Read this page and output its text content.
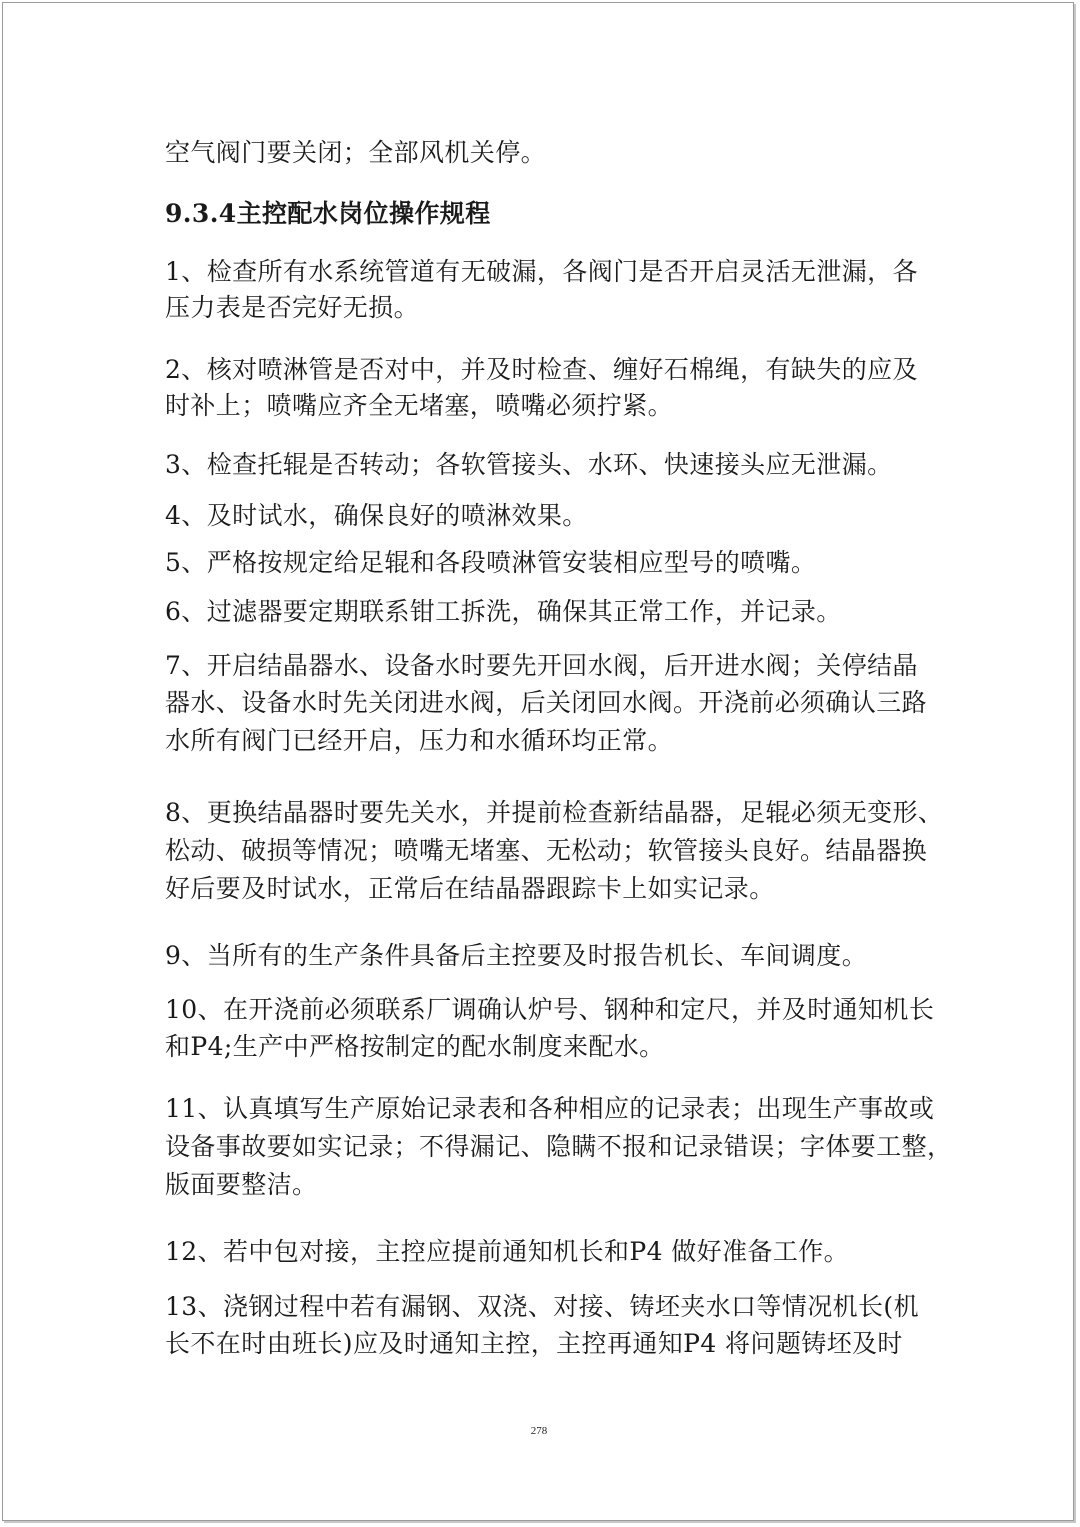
空气阀门要关闭；全部风机关停。
9.3.4主控配水岗位操作规程
1、检查所有水系统管道有无破漏，各阀门是否开启灵活无泄漏，各
压力表是否完好无损。
2、核对喷淋管是否对中，并及时检查、缠好石棉绳，有缺失的应及
时补上；喷嘴应齐全无堵塞，喷嘴必须拧紧。
3、检查托辊是否转动；各软管接头、水环、快速接头应无泄漏。
4、及时试水，确保良好的喷淋效果。
5、严格按规定给足辊和各段喷淋管安装相应型号的喷嘴。
6、过滤器要定期联系钳工拆洗，确保其正常工作，并记录。
7、开启结晶器水、设备水时要先开回水阀，后开进水阀；关停结晶
器水、设备水时先关闭进水阀，后关闭回水阀。开浇前必须确认三路
水所有阀门已经开启，压力和水循环均正常。
8、更换结晶器时要先关水，并提前检查新结晶器，足辊必须无变形、
松动、破损等情况；喷嘴无堵塞、无松动；软管接头良好。结晶器换
好后要及时试水，正常后在结晶器跟踪卡上如实记录。
9、当所有的生产条件具备后主控要及时报告机长、车间调度。
10、在开浇前必须联系厂调确认炉号、钢种和定尺，并及时通知机长
和P4;生产中严格按制定的配水制度来配水。
11、认真填写生产原始记录表和各种相应的记录表；出现生产事故或
设备事故要如实记录；不得漏记、隐瞒不报和记录错误；字体要工整，
版面要整洁。
12、若中包对接，主控应提前通知机长和P4 做好准备工作。
13、浇钢过程中若有漏钢、双浇、对接、铸坯夹水口等情况机长(机
长不在时由班长)应及时通知主控，主控再通知P4 将问题铸坯及时
278
